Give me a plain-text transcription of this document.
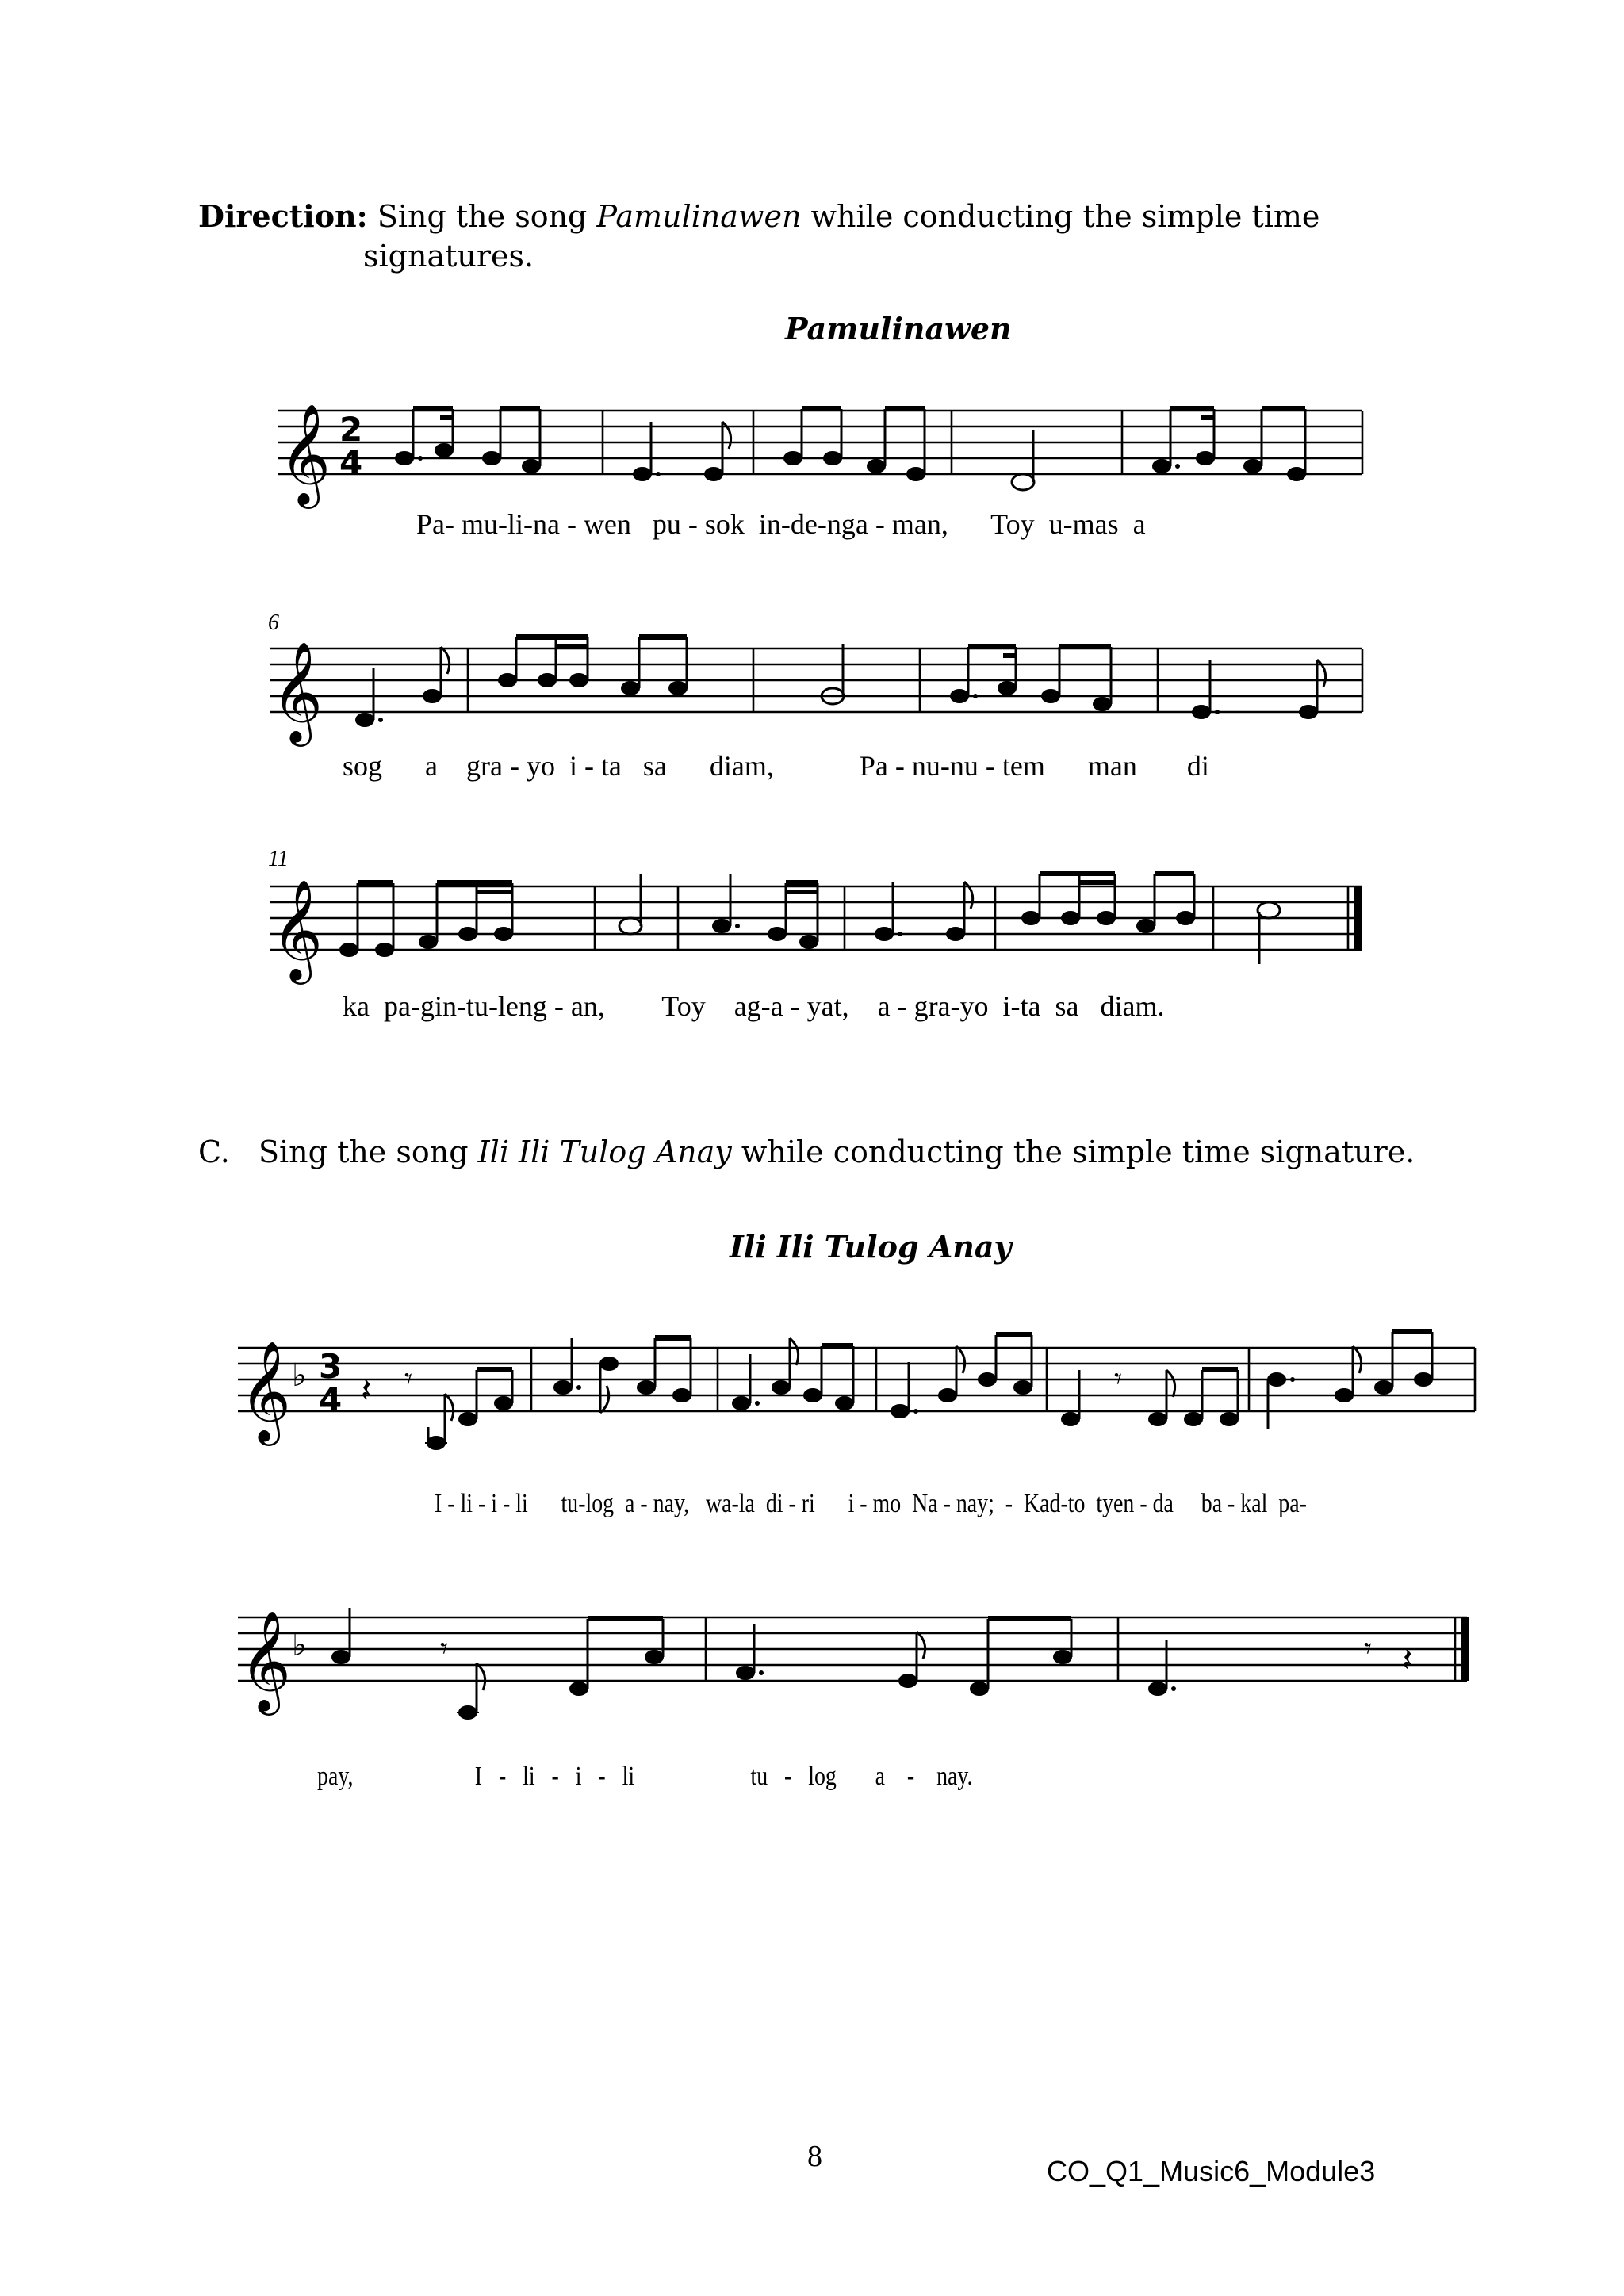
Direction: Sing the song Pamulinawen while conducting the simple time
signatures.
Pamulinawen
𝄞 2
4
𝄞
𝄞
6
11
Pa- mu-li-na - wen   pu - sok  in-de-nga - man,      Toy  u-mas  a
sog      a    gra - yo  i - ta   sa      diam,            Pa - nu-nu - tem      man       di
ka  pa-gin-tu-leng - an,        Toy    ag-a - yat,    a - gra-yo  i-ta  sa   diam.
C. Sing the song Ili Ili Tulog Anay while conducting the simple time signature.
Ili Ili Tulog Anay
𝄞 ♭ 3
4 𝄽 𝄾	𝄾
𝄞 ♭	𝄾	𝄾 𝄽
I - li - i - li      tu-log  a - nay,   wa-la  di - ri      i - mo  Na - nay;  -  Kad-to  tyen - da     ba - kal  pa-
pay,                      I   -   li   -   i   -   li                     tu   -   log       a    -    nay.
8	CO_Q1_Music6_Module3
